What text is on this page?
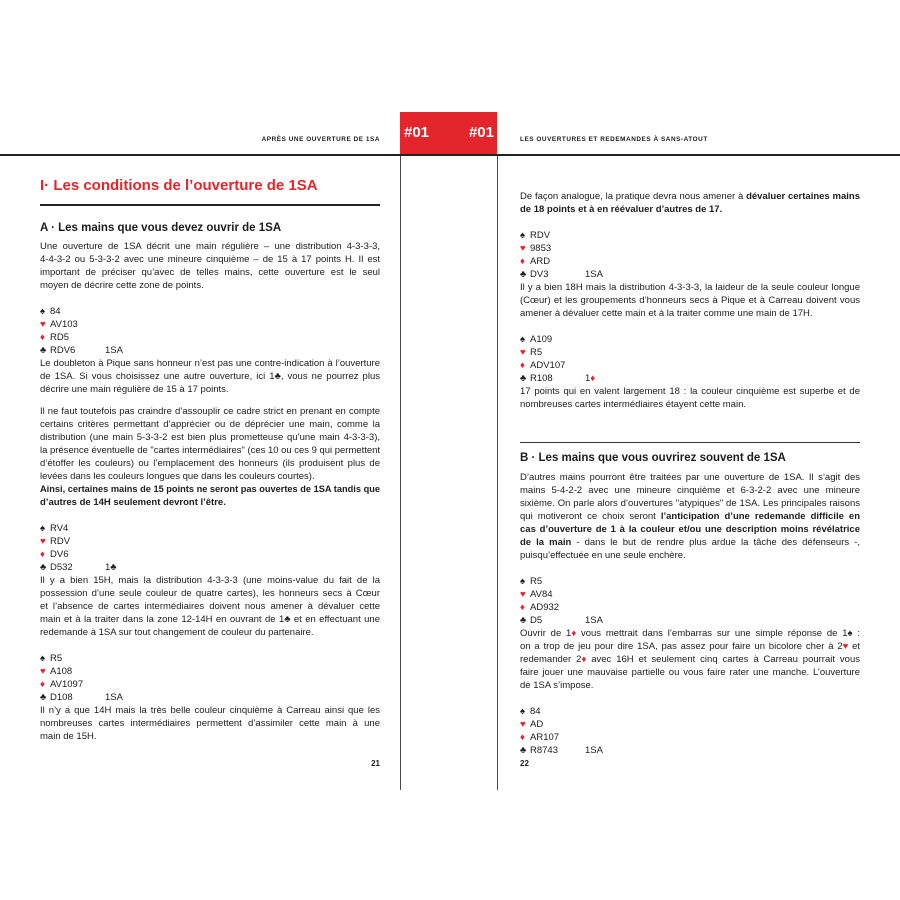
#01	#01
APRÈS UNE OUVERTURE DE 1SA	LES OUVERTURES ET REDEMANDES À SANS-ATOUT
I· Les conditions de l’ouverture de 1SA
A · Les mains que vous devez ouvrir de 1SA
Une ouverture de 1SA décrit une main régulière – une distribution 4-3-3-3,
4-4-3-2 ou 5-3-3-2 avec une mineure cinquième – de 15 à 17 points H. Il est
important de préciser qu’avec de telles mains, cette ouverture est le seul
moyen de décrire cette zone de points.
♠ 84
♥ AV103
♦ RD5
♣ RDV6	1SA
Le doubleton à Pique sans honneur n’est pas une contre-indication à l’ouverture
de 1SA. Si vous choisissez une autre ouverture, ici 1♣, vous ne pourrez plus
décrire une main régulière de 15 à 17 points.
Il ne faut toutefois pas craindre d’assouplir ce cadre strict en prenant en compte
certains critères permettant d’apprécier ou de déprécier une main, comme la
distribution (une main 5-3-3-2 est bien plus prometteuse qu’une main 4-3-3-3),
la présence éventuelle de "cartes intermédiaires" (ces 10 ou ces 9 qui permettent
d’étoffer les couleurs) ou l’emplacement des honneurs (ils produisent plus de
levées dans les couleurs longues que dans les couleurs courtes).
Ainsi, certaines mains de 15 points ne seront pas ouvertes de 1SA tandis que
d’autres de 14H seulement devront l’être.
♠ RV4
♥ RDV
♦ DV6
♣ D532	1♣
Il y a bien 15H, mais la distribution 4-3-3-3 (une moins-value du fait de la
possession d’une seule couleur de quatre cartes), les honneurs secs à Cœur
et l’absence de cartes intermédiaires doivent nous amener à dévaluer cette
main et à la traiter dans la zone 12-14H en ouvrant de 1♣ et en effectuant une
redemande à 1SA sur tout changement de couleur du partenaire.
♠ R5
♥ A108
♦ AV1097
♣ D108	1SA
Il n’y a que 14H mais la très belle couleur cinquième à Carreau ainsi que les
nombreuses cartes intermédiaires permettent d’assimiler cette main à une
main de 15H.
21
De façon analogue, la pratique devra nous amener à dévaluer certaines mains
de 18 points et à en réévaluer d’autres de 17.
♠ RDV
♥ 9853
♦ ARD
♣ DV3	1SA
Il y a bien 18H mais la distribution 4-3-3-3, la laideur de la seule couleur longue
(Cœur) et les groupements d’honneurs secs à Pique et à Carreau doivent vous
amener à dévaluer cette main et à la traiter comme une main de 17H.
♠ A109
♥ R5
♦ ADV107
♣ R108	1♦
17 points qui en valent largement 18 : la couleur cinquième est superbe et de
nombreuses cartes intermédiaires étayent cette main.
B · Les mains que vous ouvrirez souvent de 1SA
D’autres mains pourront être traitées par une ouverture de 1SA. Il s’agit des
mains 5-4-2-2 avec une mineure cinquième et 6-3-2-2 avec une mineure
sixième. On parle alors d’ouvertures "atypiques" de 1SA. Les principales raisons
qui motiveront ce choix seront l’anticipation d’une redemande difficile en
cas d’ouverture de 1 à la couleur et/ou une description moins révélatrice
de la main - dans le but de rendre plus ardue la tâche des défenseurs -,
puisqu’effectuée en une seule enchère.
♠ R5
♥ AV84
♦ AD932
♣ D5	1SA
Ouvrir de 1♦ vous mettrait dans l’embarras sur une simple réponse de 1♠ :
on a trop de jeu pour dire 1SA, pas assez pour faire un bicolore cher à 2♥ et
redemander 2♦ avec 16H et seulement cinq cartes à Carreau pourrait vous
faire jouer une mauvaise partielle ou vous faire rater une manche. L’ouverture
de 1SA s’impose.
♠ 84
♥ AD
♦ AR107
♣ R8743	1SA
22
